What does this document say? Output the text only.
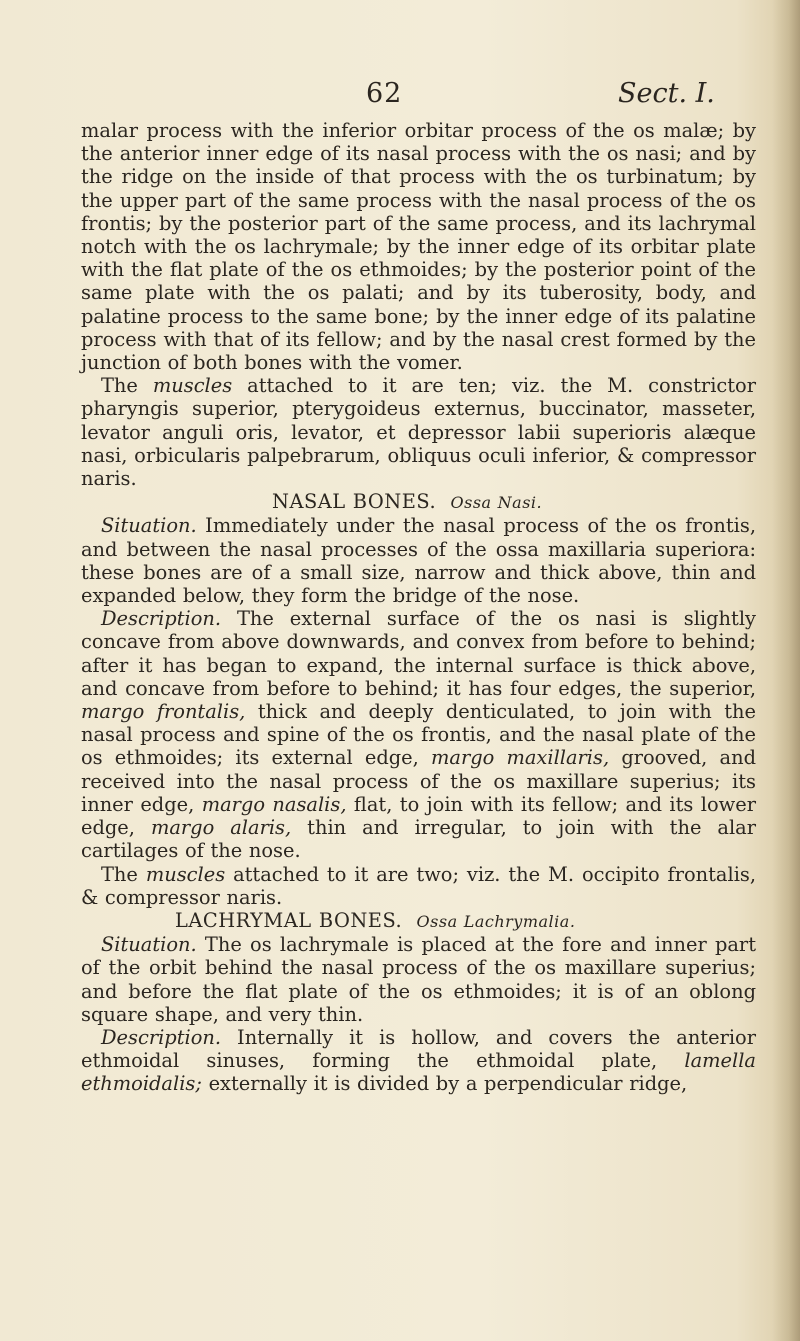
62	Sect. I.

malar process with the inferior orbitar process of the os malæ; by the anterior inner edge of its nasal process with the os nasi; and by the ridge on the inside of that process with the os turbinatum; by the upper part of the same process with the nasal process of the os frontis; by the posterior part of the same process, and its lachrymal notch with the os lachrymale; by the inner edge of its orbitar plate with the flat plate of the os ethmoides; by the posterior point of the same plate with the os palati; and by its tuberosity, body, and palatine process to the same bone; by the inner edge of its palatine process with that of its fellow; and by the nasal crest formed by the junction of both bones with the vomer.

The muscles attached to it are ten; viz. the M. constrictor pharyngis superior, pterygoideus externus, buccinator, masseter, levator anguli oris, levator, et depressor labii superioris alæque nasi, orbicularis palpebrarum, obliquus oculi inferior, & compressor naris.

NASAL BONES. Ossa Nasi.

Situation. Immediately under the nasal process of the os frontis, and between the nasal processes of the ossa maxillaria superiora: these bones are of a small size, narrow and thick above, thin and expanded below, they form the bridge of the nose.

Description. The external surface of the os nasi is slightly concave from above downwards, and convex from before to behind; after it has began to expand, the internal surface is thick above, and concave from before to behind; it has four edges, the superior, margo frontalis, thick and deeply denticulated, to join with the nasal process and spine of the os frontis, and the nasal plate of the os ethmoides; its external edge, margo maxillaris, grooved, and received into the nasal process of the os maxillare superius; its inner edge, margo nasalis, flat, to join with its fellow; and its lower edge, margo alaris, thin and irregular, to join with the alar cartilages of the nose.

The muscles attached to it are two; viz. the M. occipito frontalis, & compressor naris.

LACHRYMAL BONES. Ossa Lachrymalia.

Situation. The os lachrymale is placed at the fore and inner part of the orbit behind the nasal process of the os maxillare superius; and before the flat plate of the os ethmoides; it is of an oblong square shape, and very thin.

Description. Internally it is hollow, and covers the anterior ethmoidal sinuses, forming the ethmoidal plate, lamella ethmoidalis; externally it is divided by a perpendicular ridge,
